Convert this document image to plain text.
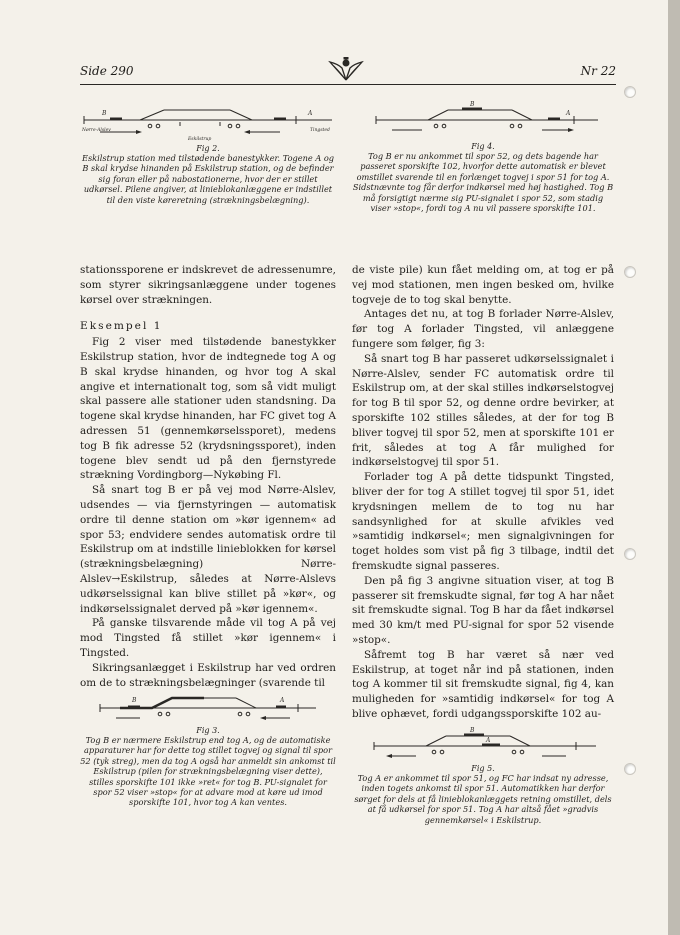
Side 290	Nr 22
B	A
Nørre-Alslev
Eskilstrup
Tingsted
Fig 2.
Eskilstrup station med tilstødende banestykker. Togene A og B skal krydse hinanden på Eskilstrup station, og de befinder sig foran eller på nabostationerne, hvor der er stillet udkørsel. Pilene angiver, at linieblokanlæggene er indstillet til den viste køreretning (strækningsbelægning).
B
A
Fig 4.
Tog B er nu ankommet til spor 52, og dets bagende har passeret sporskifte 102, hvorfor dette automatisk er blevet omstillet svarende til en forlænget togvej i spor 51 for tog A. Sidstnævnte tog får derfor indkørsel med høj hastighed. Tog B må forsigtigt nærme sig PU-signalet i spor 52, som stadig viser »stop«, fordi tog A nu vil passere sporskifte 101.

stationssporene er indskrevet de adressenumre, som styrer sikringsanlæggene under togenes kørsel over strækningen.

Eksempel 1

Fig 2 viser med tilstødende banestykker Eskilstrup station, hvor de indtegnede tog A og B skal krydse hinanden, og hvor tog A skal angive et internationalt tog, som så vidt muligt skal passere alle stationer uden standsning. Da togene skal krydse hinanden, har FC givet tog A adressen 51 (gennemkørselssporet), medens tog B fik adresse 52 (krydsningssporet), inden togene blev sendt ud på den fjernstyrede strækning Vordingborg—Nykøbing Fl.

Så snart tog B er på vej mod Nørre-Alslev, udsendes — via fjernstyringen — automatisk ordre til denne station om »kør igennem« ad spor 53; endvidere sendes automatisk ordre til Eskilstrup om at indstille linieblokken for kørsel (strækningsbelægning) Nørre-Alslev→Eskilstrup, således at Nørre-Alslevs udkørselssignal kan blive stillet på »kør«, og indkørselssignalet derved på »kør igennem«.

På ganske tilsvarende måde vil tog A på vej mod Tingsted få stillet »kør igennem« i Tingsted.

Sikringsanlægget i Eskilstrup har ved ordren om de to strækningsbelægninger (svarende til

B	A
Fig 3.
Tog B er nærmere Eskilstrup end tog A, og de automatiske apparaturer har for dette tog stillet togvej og signal til spor 52 (tyk streg), men da tog A også har anmeldt sin ankomst til Eskilstrup (pilen for strækningsbelægning viser dette), stilles sporskifte 101 ikke »ret« for tog B. PU-signalet for spor 52 viser »stop« for at advare mod at køre ud imod sporskifte 101, hvor tog A kan ventes.

de viste pile) kun fået melding om, at tog er på vej mod stationen, men ingen besked om, hvilke togveje de to tog skal benytte.

Antages det nu, at tog B forlader Nørre-Alslev, før tog A forlader Tingsted, vil anlæggene fungere som følger, fig 3:

Så snart tog B har passeret udkørselssignalet i Nørre-Alslev, sender FC automatisk ordre til Eskilstrup om, at der skal stilles indkørselstogvej for tog B til spor 52, og denne ordre bevirker, at sporskifte 102 stilles således, at der for tog B bliver togvej til spor 52, men at sporskifte 101 er frit, således at tog A får mulighed for indkørselstogvej til spor 51.

Forlader tog A på dette tidspunkt Tingsted, bliver der for tog A stillet togvej til spor 51, idet krydsningen mellem de to tog nu har sandsynlighed for at skulle afvikles ved »samtidig indkørsel«; men signalgivningen for toget holdes som vist på fig 3 tilbage, indtil det fremskudte signal passeres.

Den på fig 3 angivne situation viser, at tog B passerer sit fremskudte signal, før tog A har nået sit fremskudte signal. Tog B har da fået indkørsel med 30 km/t med PU-signal for spor 52 visende »stop«.

Såfremt tog B har været så nær ved Eskilstrup, at toget når ind på stationen, inden tog A kommer til sit fremskudte signal, fig 4, kan muligheden for »samtidig indkørsel« for tog A blive ophævet, fordi udgangssporskifte 102 au-

B
A
Fig 5.
Tog A er ankommet til spor 51, og FC har indsat ny adresse, inden togets ankomst til spor 51. Automatikken har derfor sørget for dels at få linieblokanlæggets retning omstillet, dels at få udkørsel for spor 51. Tog A har altså fået »gradvis gennemkørsel« i Eskilstrup.
